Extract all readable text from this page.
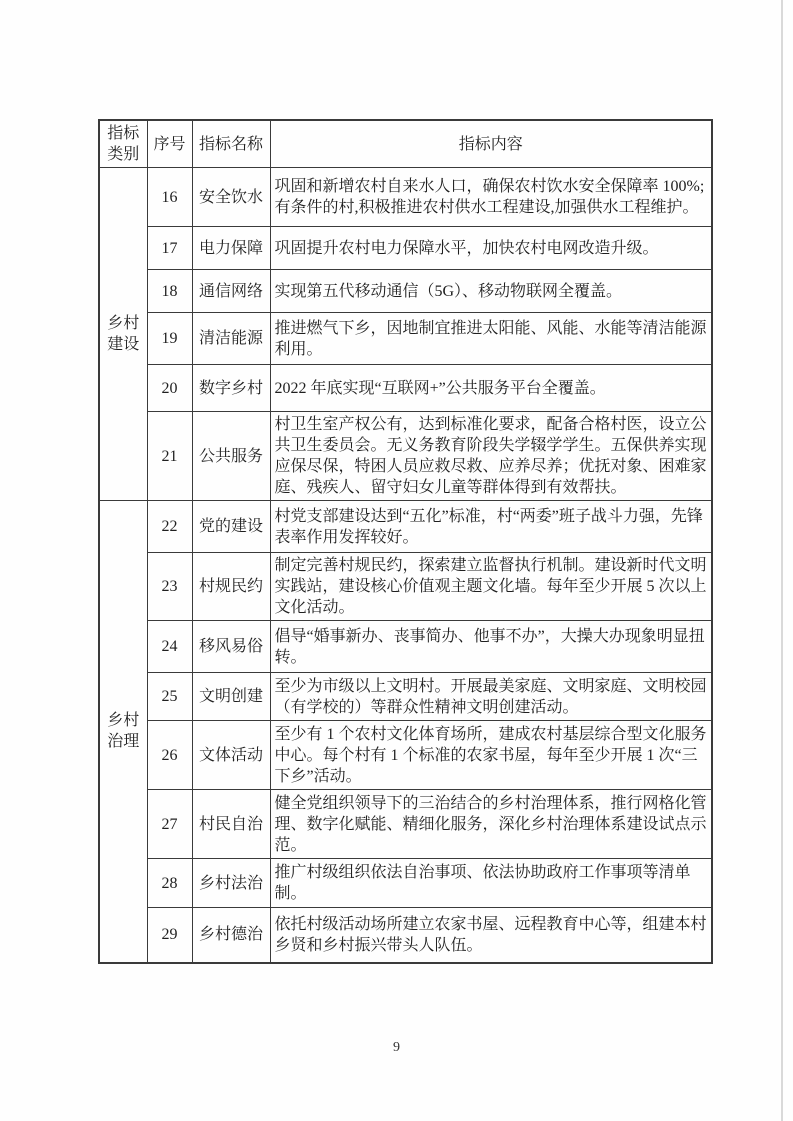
指标类别	序号	指标名称	指标内容
乡村建设	16	安全饮水	巩固和新增农村自来水人口，确保农村饮水安全保障率 100%;有条件的村,积极推进农村供水工程建设,加强供水工程维护。
	17	电力保障	巩固提升农村电力保障水平，加快农村电网改造升级。
	18	通信网络	实现第五代移动通信（5G）、移动物联网全覆盖。
	19	清洁能源	推进燃气下乡，因地制宜推进太阳能、风能、水能等清洁能源利用。
	20	数字乡村	2022 年底实现“互联网+”公共服务平台全覆盖。
	21	公共服务	村卫生室产权公有，达到标准化要求，配备合格村医，设立公共卫生委员会。无义务教育阶段失学辍学学生。五保供养实现应保尽保，特困人员应救尽救、应养尽养；优抚对象、困难家庭、残疾人、留守妇女儿童等群体得到有效帮扶。
乡村治理	22	党的建设	村党支部建设达到“五化”标准，村“两委”班子战斗力强，先锋表率作用发挥较好。
	23	村规民约	制定完善村规民约，探索建立监督执行机制。建设新时代文明实践站，建设核心价值观主题文化墙。每年至少开展 5 次以上文化活动。
	24	移风易俗	倡导“婚事新办、丧事简办、他事不办”，大操大办现象明显扭转。
	25	文明创建	至少为市级以上文明村。开展最美家庭、文明家庭、文明校园（有学校的）等群众性精神文明创建活动。
	26	文体活动	至少有 1 个农村文化体育场所，建成农村基层综合型文化服务中心。每个村有 1 个标准的农家书屋，每年至少开展 1 次“三下乡”活动。
	27	村民自治	健全党组织领导下的三治结合的乡村治理体系，推行网格化管理、数字化赋能、精细化服务，深化乡村治理体系建设试点示范。
	28	乡村法治	推广村级组织依法自治事项、依法协助政府工作事项等清单制。
	29	乡村德治	依托村级活动场所建立农家书屋、远程教育中心等，组建本村乡贤和乡村振兴带头人队伍。
9
